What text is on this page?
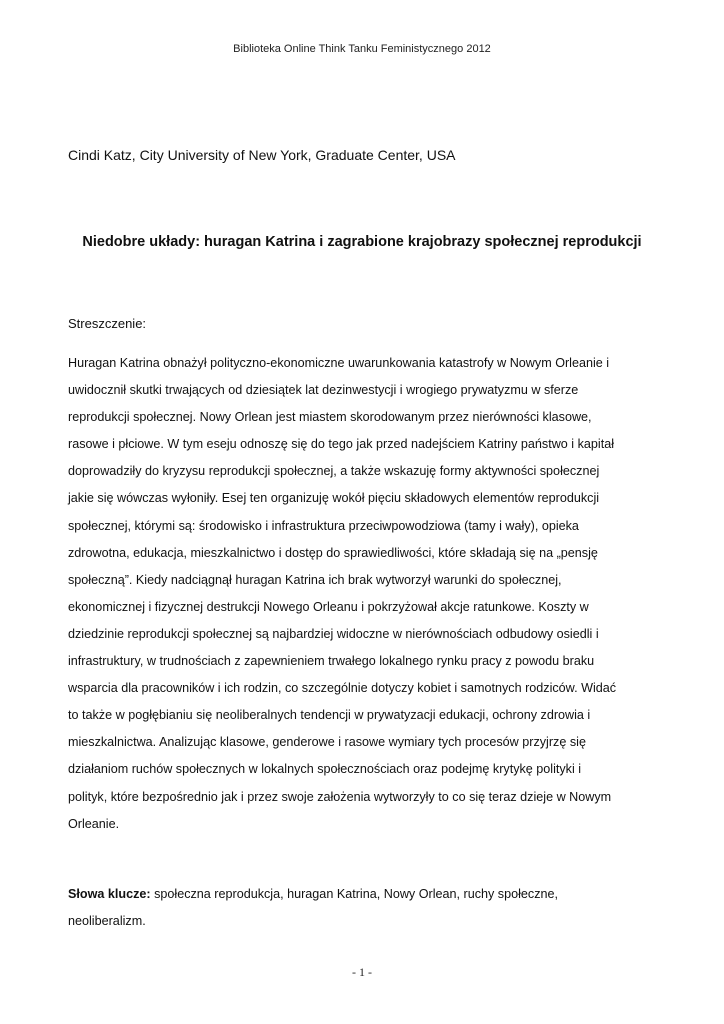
Biblioteka Online Think Tanku Feministycznego 2012
Cindi Katz, City University of New York, Graduate Center, USA
Niedobre układy: huragan Katrina i zagrabione krajobrazy społecznej reprodukcji
Streszczenie:
Huragan Katrina obnażył polityczno-ekonomiczne uwarunkowania katastrofy w Nowym Orleanie i
uwidocznił skutki trwających od dziesiątek lat dezinwestycji i wrogiego prywatyzmu w sferze
reprodukcji społecznej. Nowy Orlean jest miastem skorodowanym przez nierówności klasowe,
rasowe i płciowe. W tym eseju odnoszę się do tego jak przed nadejściem Katriny państwo i kapitał
doprowadziły do kryzysu reprodukcji społecznej, a także wskazuję formy aktywności społecznej
jakie się wówczas wyłoniły. Esej ten organizuję wokół pięciu składowych elementów reprodukcji
społecznej, którymi są: środowisko i infrastruktura przeciwpowodziowa (tamy i wały), opieka
zdrowotna, edukacja, mieszkalnictwo i dostęp do sprawiedliwości, które składają się na „pensję
społeczną”. Kiedy nadciągnął huragan Katrina ich brak wytworzył warunki do społecznej,
ekonomicznej i fizycznej destrukcji Nowego Orleanu i pokrzyżował akcje ratunkowe. Koszty w
dziedzinie reprodukcji społecznej są najbardziej widoczne w nierównościach odbudowy osiedli i
infrastruktury, w trudnościach z zapewnieniem trwałego lokalnego rynku pracy z powodu braku
wsparcia dla pracowników i ich rodzin, co szczególnie dotyczy kobiet i samotnych rodziców. Widać
to także w pogłębianiu się neoliberalnych tendencji w prywatyzacji edukacji, ochrony zdrowia i
mieszkalnictwa. Analizując klasowe, genderowe i rasowe wymiary tych procesów przyjrzę się
działaniom ruchów społecznych w lokalnych społecznościach oraz podejmę krytykę polityki i
polityk, które bezpośrednio jak i przez swoje założenia wytworzyły to co się teraz dzieje w Nowym
Orleanie.
Słowa klucze: społeczna reprodukcja, huragan Katrina, Nowy Orlean, ruchy społeczne,
neoliberalizm.
- 1 -
